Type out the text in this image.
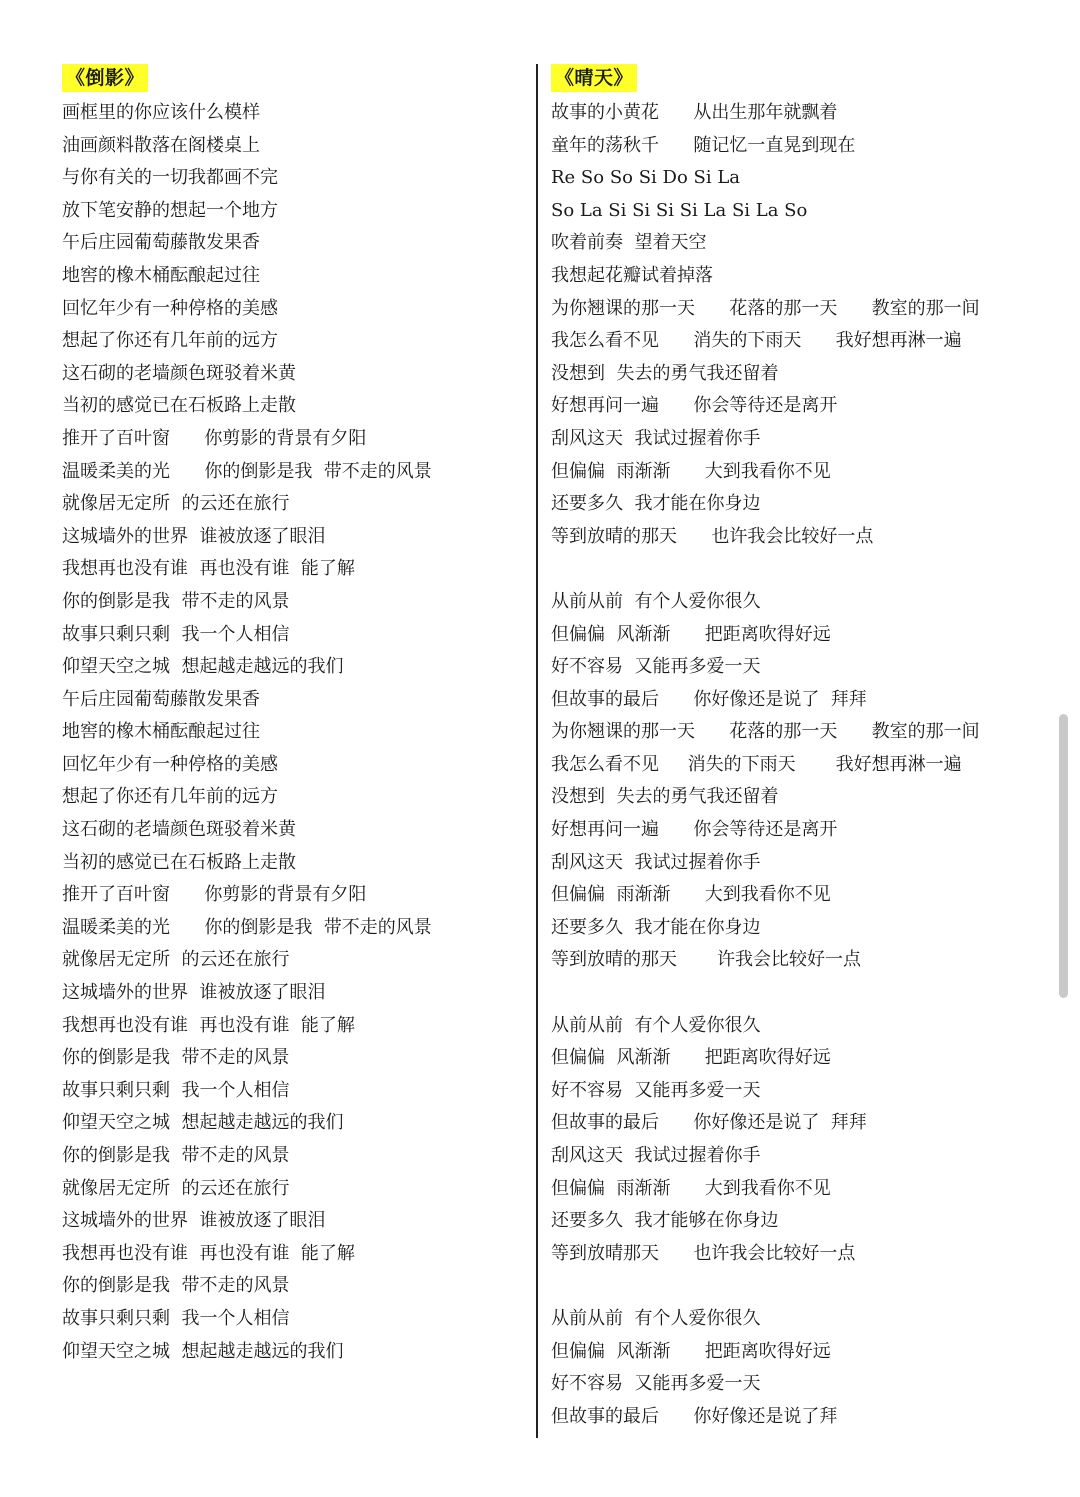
《倒影》
画框里的你应该什么模样
油画颜料散落在阁楼桌上
与你有关的一切我都画不完
放下笔安静的想起一个地方
午后庄园葡萄藤散发果香
地窖的橡木桶酝酿起过往
回忆年少有一种停格的美感
想起了你还有几年前的远方
这石砌的老墙颜色斑驳着米黄
当初的感觉已在石板路上走散
推开了百叶窗      你剪影的背景有夕阳
温暖柔美的光      你的倒影是我  带不走的风景
就像居无定所  的云还在旅行
这城墙外的世界  谁被放逐了眼泪
我想再也没有谁  再也没有谁  能了解
你的倒影是我  带不走的风景
故事只剩只剩  我一个人相信
仰望天空之城  想起越走越远的我们
午后庄园葡萄藤散发果香
地窖的橡木桶酝酿起过往
回忆年少有一种停格的美感
想起了你还有几年前的远方
这石砌的老墙颜色斑驳着米黄
当初的感觉已在石板路上走散
推开了百叶窗      你剪影的背景有夕阳
温暖柔美的光      你的倒影是我  带不走的风景
就像居无定所  的云还在旅行
这城墙外的世界  谁被放逐了眼泪
我想再也没有谁  再也没有谁  能了解
你的倒影是我  带不走的风景
故事只剩只剩  我一个人相信
仰望天空之城  想起越走越远的我们
你的倒影是我  带不走的风景
就像居无定所  的云还在旅行
这城墙外的世界  谁被放逐了眼泪
我想再也没有谁  再也没有谁  能了解
你的倒影是我  带不走的风景
故事只剩只剩  我一个人相信
仰望天空之城  想起越走越远的我们
《晴天》
故事的小黄花      从出生那年就飘着
童年的荡秋千      随记忆一直晃到现在
Re So So Si Do Si La
So La Si Si Si Si La Si La So
吹着前奏  望着天空
我想起花瓣试着掉落
为你翘课的那一天      花落的那一天      教室的那一间
我怎么看不见      消失的下雨天      我好想再淋一遍
没想到  失去的勇气我还留着
好想再问一遍      你会等待还是离开
刮风这天  我试过握着你手
但偏偏  雨渐渐      大到我看你不见
还要多久  我才能在你身边
等到放晴的那天      也许我会比较好一点
从前从前  有个人爱你很久
但偏偏  风渐渐      把距离吹得好远
好不容易  又能再多爱一天
但故事的最后      你好像还是说了  拜拜
为你翘课的那一天      花落的那一天      教室的那一间
我怎么看不见     消失的下雨天       我好想再淋一遍
没想到  失去的勇气我还留着
好想再问一遍      你会等待还是离开
刮风这天  我试过握着你手
但偏偏  雨渐渐      大到我看你不见
还要多久  我才能在你身边
等到放晴的那天       许我会比较好一点
从前从前  有个人爱你很久
但偏偏  风渐渐      把距离吹得好远
好不容易  又能再多爱一天
但故事的最后      你好像还是说了  拜拜
刮风这天  我试过握着你手
但偏偏  雨渐渐      大到我看你不见
还要多久  我才能够在你身边
等到放晴那天      也许我会比较好一点
从前从前  有个人爱你很久
但偏偏  风渐渐      把距离吹得好远
好不容易  又能再多爱一天
但故事的最后      你好像还是说了拜
